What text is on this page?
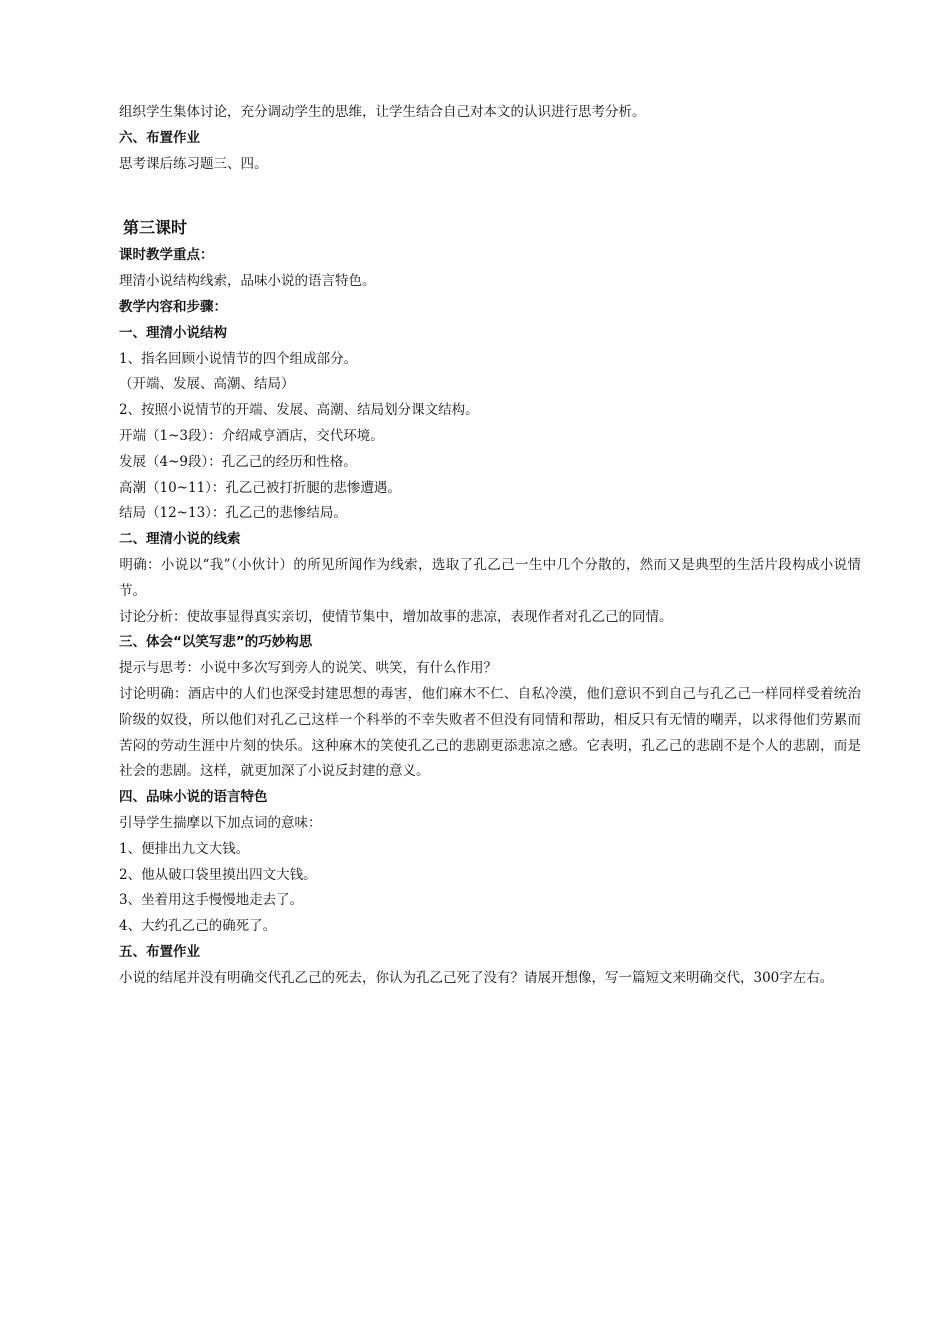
组织学生集体讨论，充分调动学生的思维，让学生结合自己对本文的认识进行思考分析。
六、布置作业
思考课后练习题三、四。
第三课时
课时教学重点：
理清小说结构线索，品味小说的语言特色。
教学内容和步骤：
一、理清小说结构
1、指名回顾小说情节的四个组成部分。
（开端、发展、高潮、结局）
2、按照小说情节的开端、发展、高潮、结局划分课文结构。
开端（1~3段）：介绍咸亨酒店，交代环境。
发展（4~9段）：孔乙己的经历和性格。
高潮（10~11）：孔乙己被打折腿的悲惨遭遇。
结局（12~13）：孔乙己的悲惨结局。
二、理清小说的线索
明确：小说以“我”（小伙计）的所见所闻作为线索，选取了孔乙己一生中几个分散的，然而又是典型的生活片段构成小说情节。
讨论分析：使故事显得真实亲切，使情节集中，增加故事的悲凉，表现作者对孔乙己的同情。
三、体会“以笑写悲”的巧妙构思
提示与思考：小说中多次写到旁人的说笑、哄笑，有什么作用？
讨论明确：酒店中的人们也深受封建思想的毒害，他们麻木不仁、自私冷漠，他们意识不到自己与孔乙己一样同样受着统治阶级的奴役，所以他们对孔乙己这样一个科举的不幸失败者不但没有同情和帮助，相反只有无情的嘲弄，以求得他们劳累而苦闷的劳动生涯中片刻的快乐。这种麻木的笑使孔乙己的悲剧更添悲凉之感。它表明，孔乙己的悲剧不是个人的悲剧，而是社会的悲剧。这样，就更加深了小说反封建的意义。
四、品味小说的语言特色
引导学生揣摩以下加点词的意味：
1、便排出九文大钱。
2、他从破口袋里摸出四文大钱。
3、坐着用这手慢慢地走去了。
4、大约孔乙己的确死了。
五、布置作业
小说的结尾并没有明确交代孔乙己的死去，你认为孔乙己死了没有？请展开想像，写一篇短文来明确交代，300字左右。
